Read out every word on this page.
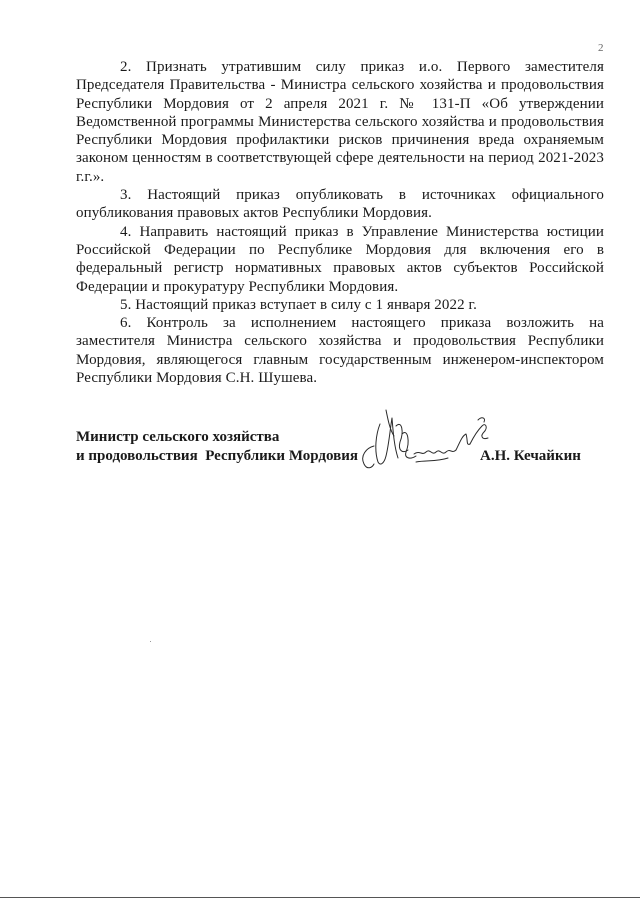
2

2. Признать утратившим силу приказ и.о. Первого заместителя Председателя Правительства - Министра сельского хозяйства и продовольствия Республики Мордовия от 2 апреля 2021 г. № 131-П «Об утверждении Ведомственной программы Министерства сельского хозяйства и продовольствия Республики Мордовия профилактики рисков причинения вреда охраняемым законом ценностям в соответствующей сфере деятельности на период 2021-2023 г.г.».

3. Настоящий приказ опубликовать в источниках официального опубликования правовых актов Республики Мордовия.

4. Направить настоящий приказ в Управление Министерства юстиции Российской Федерации по Республике Мордовия для включения его в федеральный регистр нормативных правовых актов субъектов Российской Федерации и прокуратуру Республики Мордовия.

5. Настоящий приказ вступает в силу с 1 января 2022 г.

6. Контроль за исполнением настоящего приказа возложить на заместителя Министра сельского хозяйства и продовольствия Республики Мордовия, являющегося главным государственным инженером-инспектором Республики Мордовия С.Н. Шушева.

Министр сельского хозяйства
и продовольствия  Республики Мордовия	А.Н. Кечайкин
